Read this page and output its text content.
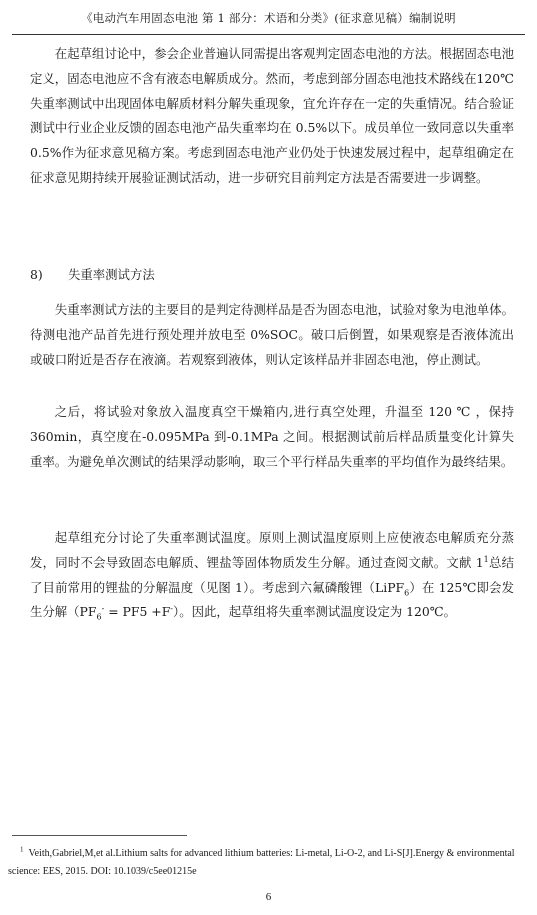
《电动汽车用固态电池 第 1 部分：术语和分类》(征求意见稿）编制说明

在起草组讨论中，参会企业普遍认同需提出客观判定固态电池的方法。根据固态电池定义，固态电池应不含有液态电解质成分。然而，考虑到部分固态电池技术路线在120℃失重率测试中出现固体电解质材料分解失重现象，宜允许存在一定的失重情况。结合验证测试中行业企业反馈的固态电池产品失重率均在 0.5%以下。成员单位一致同意以失重率 0.5%作为征求意见稿方案。考虑到固态电池产业仍处于快速发展过程中，起草组确定在征求意见期持续开展验证测试活动，进一步研究目前判定方法是否需要进一步调整。

8) 失重率测试方法

失重率测试方法的主要目的是判定待测样品是否为固态电池，试验对象为电池单体。待测电池产品首先进行预处理并放电至 0%SOC。破口后倒置，如果观察是否液体流出或破口附近是否存在液滴。若观察到液体，则认定该样品并非固态电池，停止测试。

之后，将试验对象放入温度真空干燥箱内,进行真空处理，升温至 120 ℃ ，保持360min，真空度在-0.095MPa 到-0.1MPa 之间。根据测试前后样品质量变化计算失重率。为避免单次测试的结果浮动影响，取三个平行样品失重率的平均值作为最终结果。

起草组充分讨论了失重率测试温度。原则上测试温度原则上应使液态电解质充分蒸发，同时不会导致固态电解质、锂盐等固体物质发生分解。通过查阅文献。文献 $1^1$总结了目前常用的锂盐的分解温度（见图 1）。考虑到六氟磷酸锂（LiPF$_6$）在 125℃即会发生分解$(PF_6^- = PF5 +F^-)$。因此，起草组将失重率测试温度设定为 120℃。

$^1$ Veith,Gabriel,M,et al.Lithium salts for advanced lithium batteries: Li-metal, Li-O-2, and Li-S[J].Energy & environmental science: EES, 2015. DOI: 10.1039/c5ee01215e

6
